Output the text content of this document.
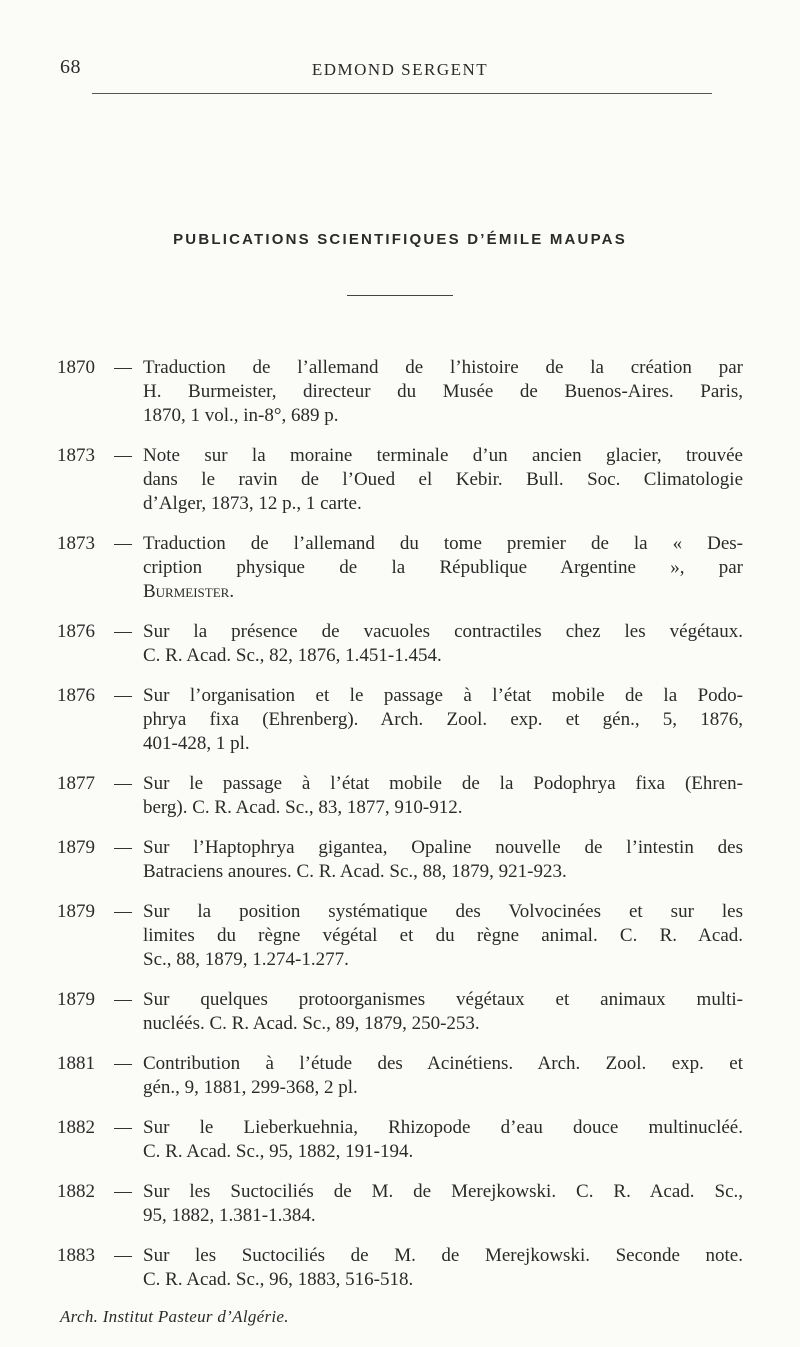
68	EDMOND SERGENT
PUBLICATIONS SCIENTIFIQUES D’ÉMILE MAUPAS
1870	Traduction de l’allemand de l’histoire de la création par
H. Burmeister, directeur du Musée de Buenos-Aires. Paris,
1870, 1 vol., in-8°, 689 p.
1873	Note sur la moraine terminale d’un ancien glacier, trouvée
dans le ravin de l’Oued el Kebir. Bull. Soc. Climatologie
d’Alger, 1873, 12 p., 1 carte.
1873	Traduction de l’allemand du tome premier de la « Des-
cription physique de la République Argentine », par
Burmeister.
1876	Sur la présence de vacuoles contractiles chez les végétaux.
C. R. Acad. Sc., 82, 1876, 1.451-1.454.
1876	Sur l’organisation et le passage à l’état mobile de la Podo-
phrya fixa (Ehrenberg). Arch. Zool. exp. et gén., 5, 1876,
401-428, 1 pl.
1877	Sur le passage à l’état mobile de la Podophrya fixa (Ehren-
berg). C. R. Acad. Sc., 83, 1877, 910-912.
1879	Sur l’Haptophrya gigantea, Opaline nouvelle de l’intestin des
Batraciens anoures. C. R. Acad. Sc., 88, 1879, 921-923.
1879	Sur la position systématique des Volvocinées et sur les
limites du règne végétal et du règne animal. C. R. Acad.
Sc., 88, 1879, 1.274-1.277.
1879	Sur quelques protoorganismes végétaux et animaux multi-
nucléés. C. R. Acad. Sc., 89, 1879, 250-253.
1881	Contribution à l’étude des Acinétiens. Arch. Zool. exp. et
gén., 9, 1881, 299-368, 2 pl.
1882	Sur le Lieberkuehnia, Rhizopode d’eau douce multinucléé.
C. R. Acad. Sc., 95, 1882, 191-194.
1882	Sur les Suctociliés de M. de Merejkowski. C. R. Acad. Sc.,
95, 1882, 1.381-1.384.
1883	Sur les Suctociliés de M. de Merejkowski. Seconde note.
C. R. Acad. Sc., 96, 1883, 516-518.
Arch. Institut Pasteur d’Algérie.
